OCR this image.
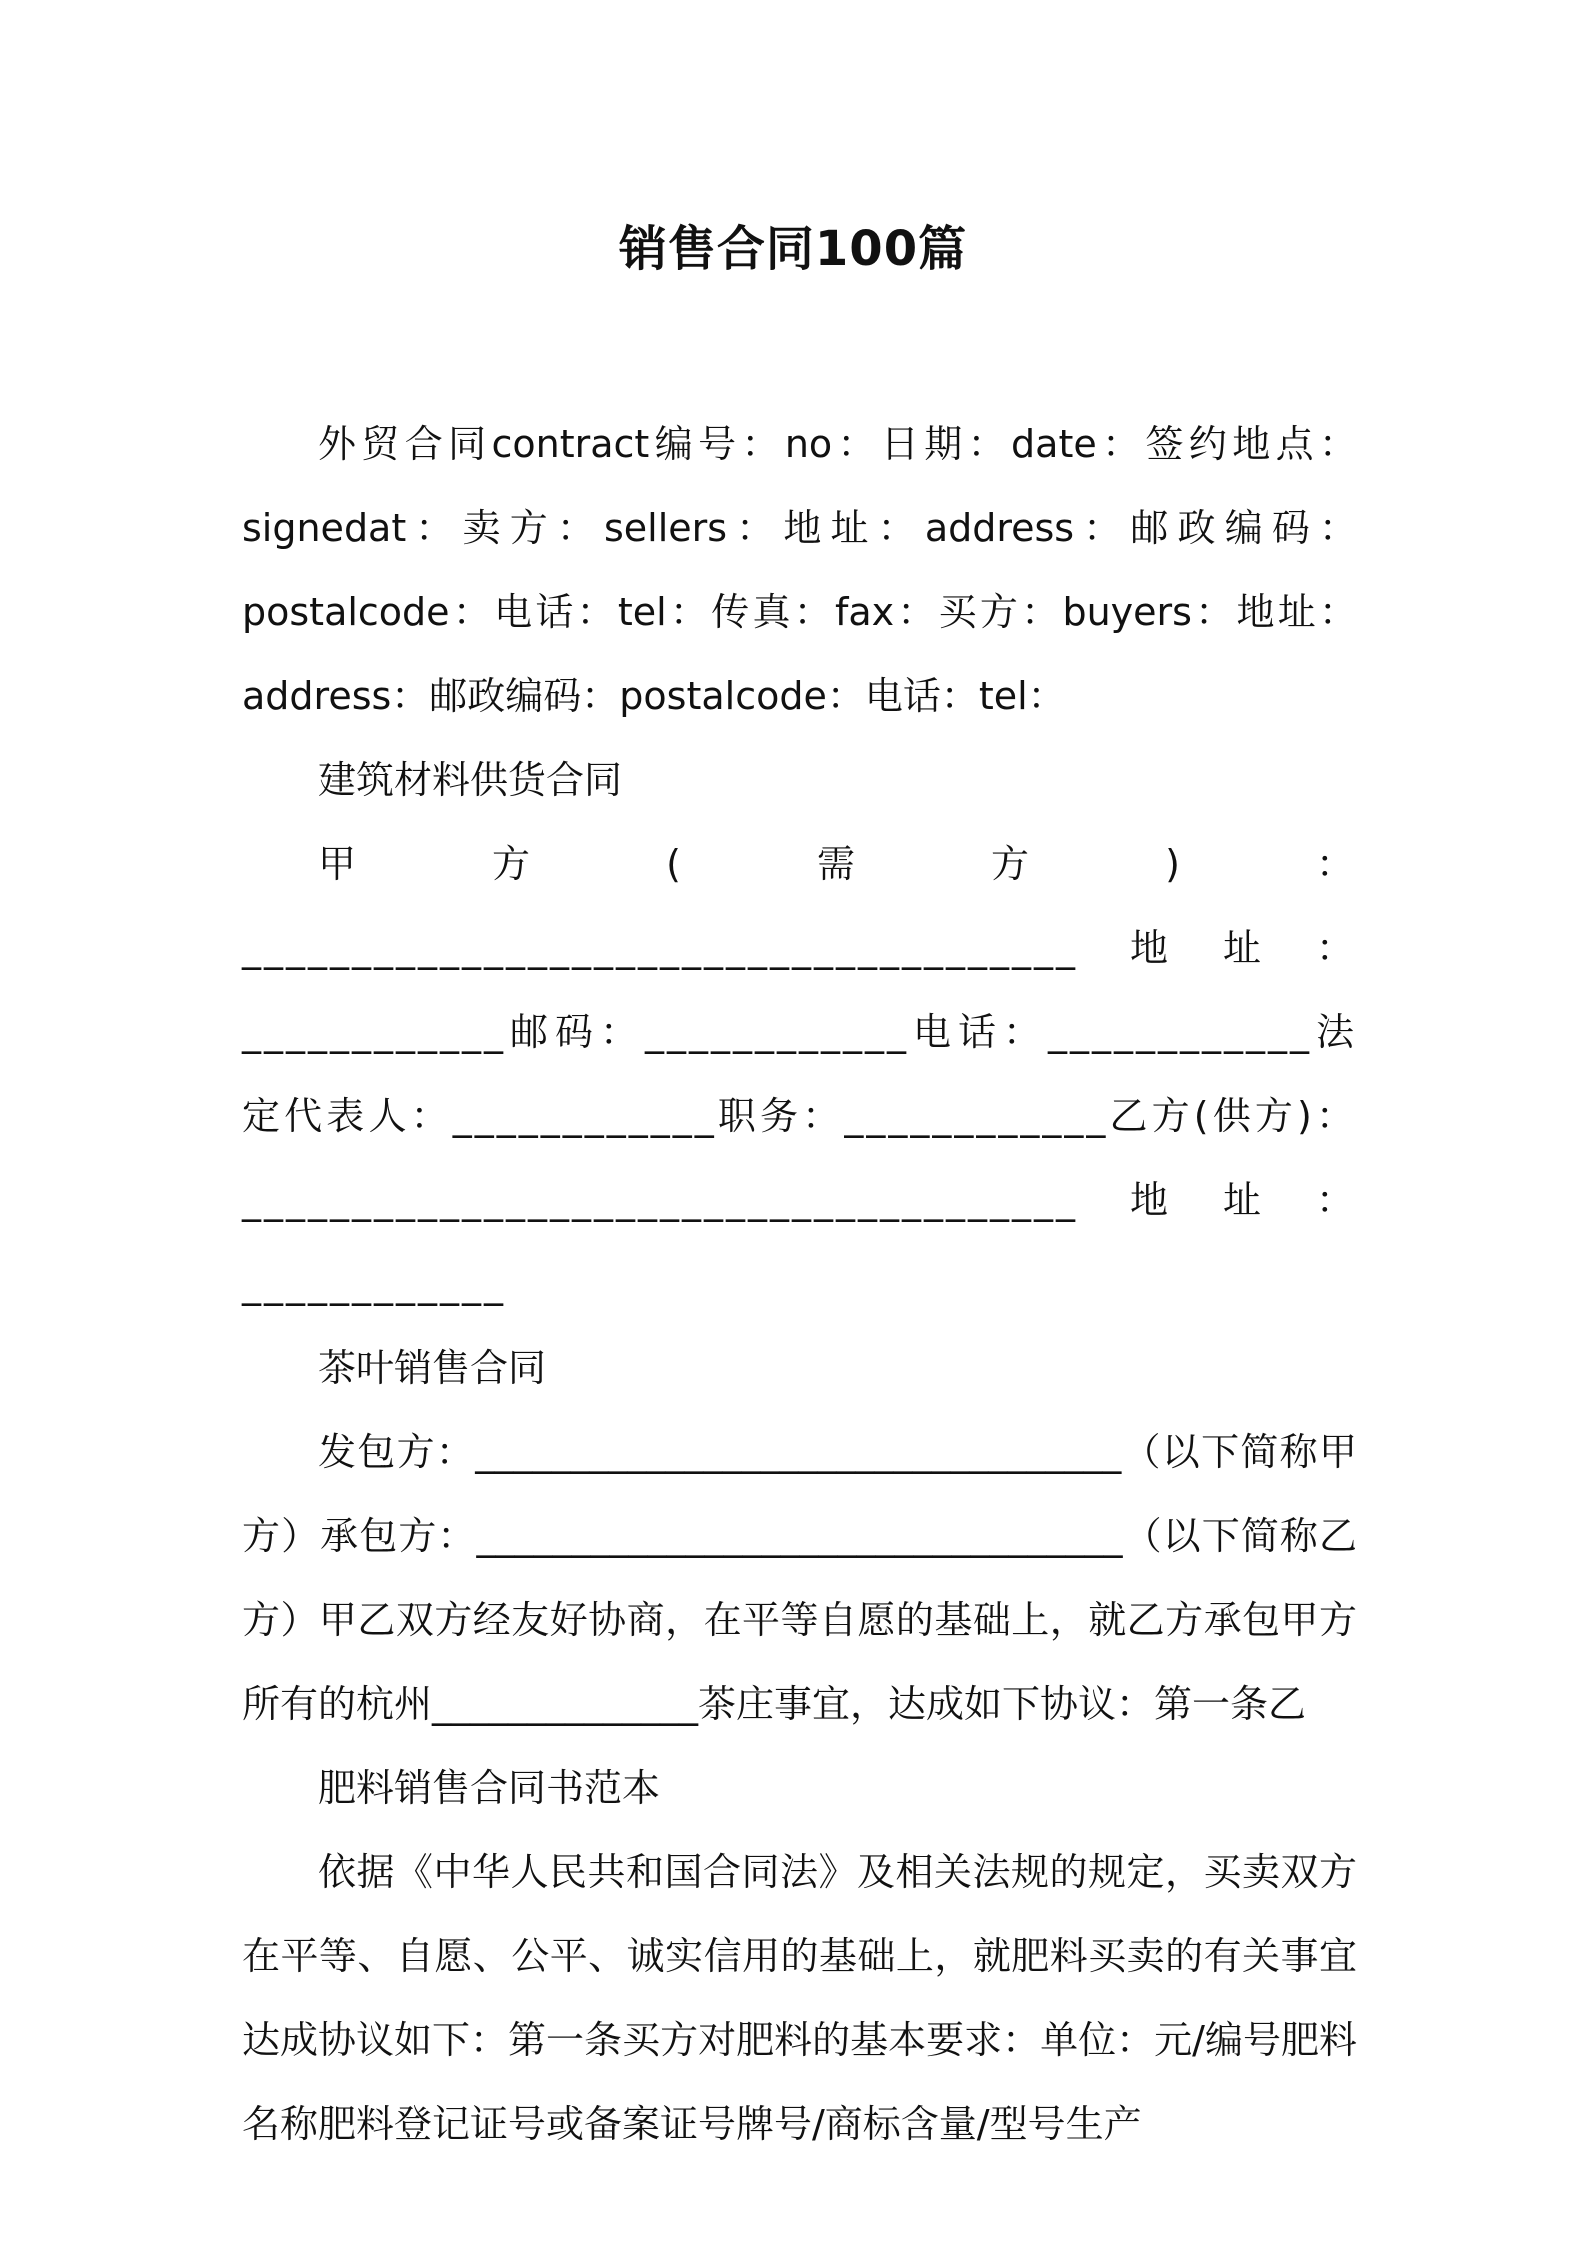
销售合同100篇

外贸合同contract编号：no：日期：date：签约地点：signedat：卖方：sellers：地址：address：邮政编码：postalcode：电话：tel：传真：fax：买方：buyers：地址：address：邮政编码：postalcode：电话：tel：

建筑材料供货合同

甲方(需方)：______________________________________地址：____________邮码：____________电话：____________法定代表人：____________职务：____________乙方(供方)：______________________________________地址：____________

茶叶销售合同

发包方：__________________________________（以下简称甲方）承包方：__________________________________（以下简称乙方）甲乙双方经友好协商，在平等自愿的基础上，就乙方承包甲方所有的杭州______________茶庄事宜，达成如下协议：第一条乙

肥料销售合同书范本

依据《中华人民共和国合同法》及相关法规的规定，买卖双方在平等、自愿、公平、诚实信用的基础上，就肥料买卖的有关事宜达成协议如下：第一条买方对肥料的基本要求：单位：元/编号肥料名称肥料登记证号或备案证号牌号/商标含量/型号生产
